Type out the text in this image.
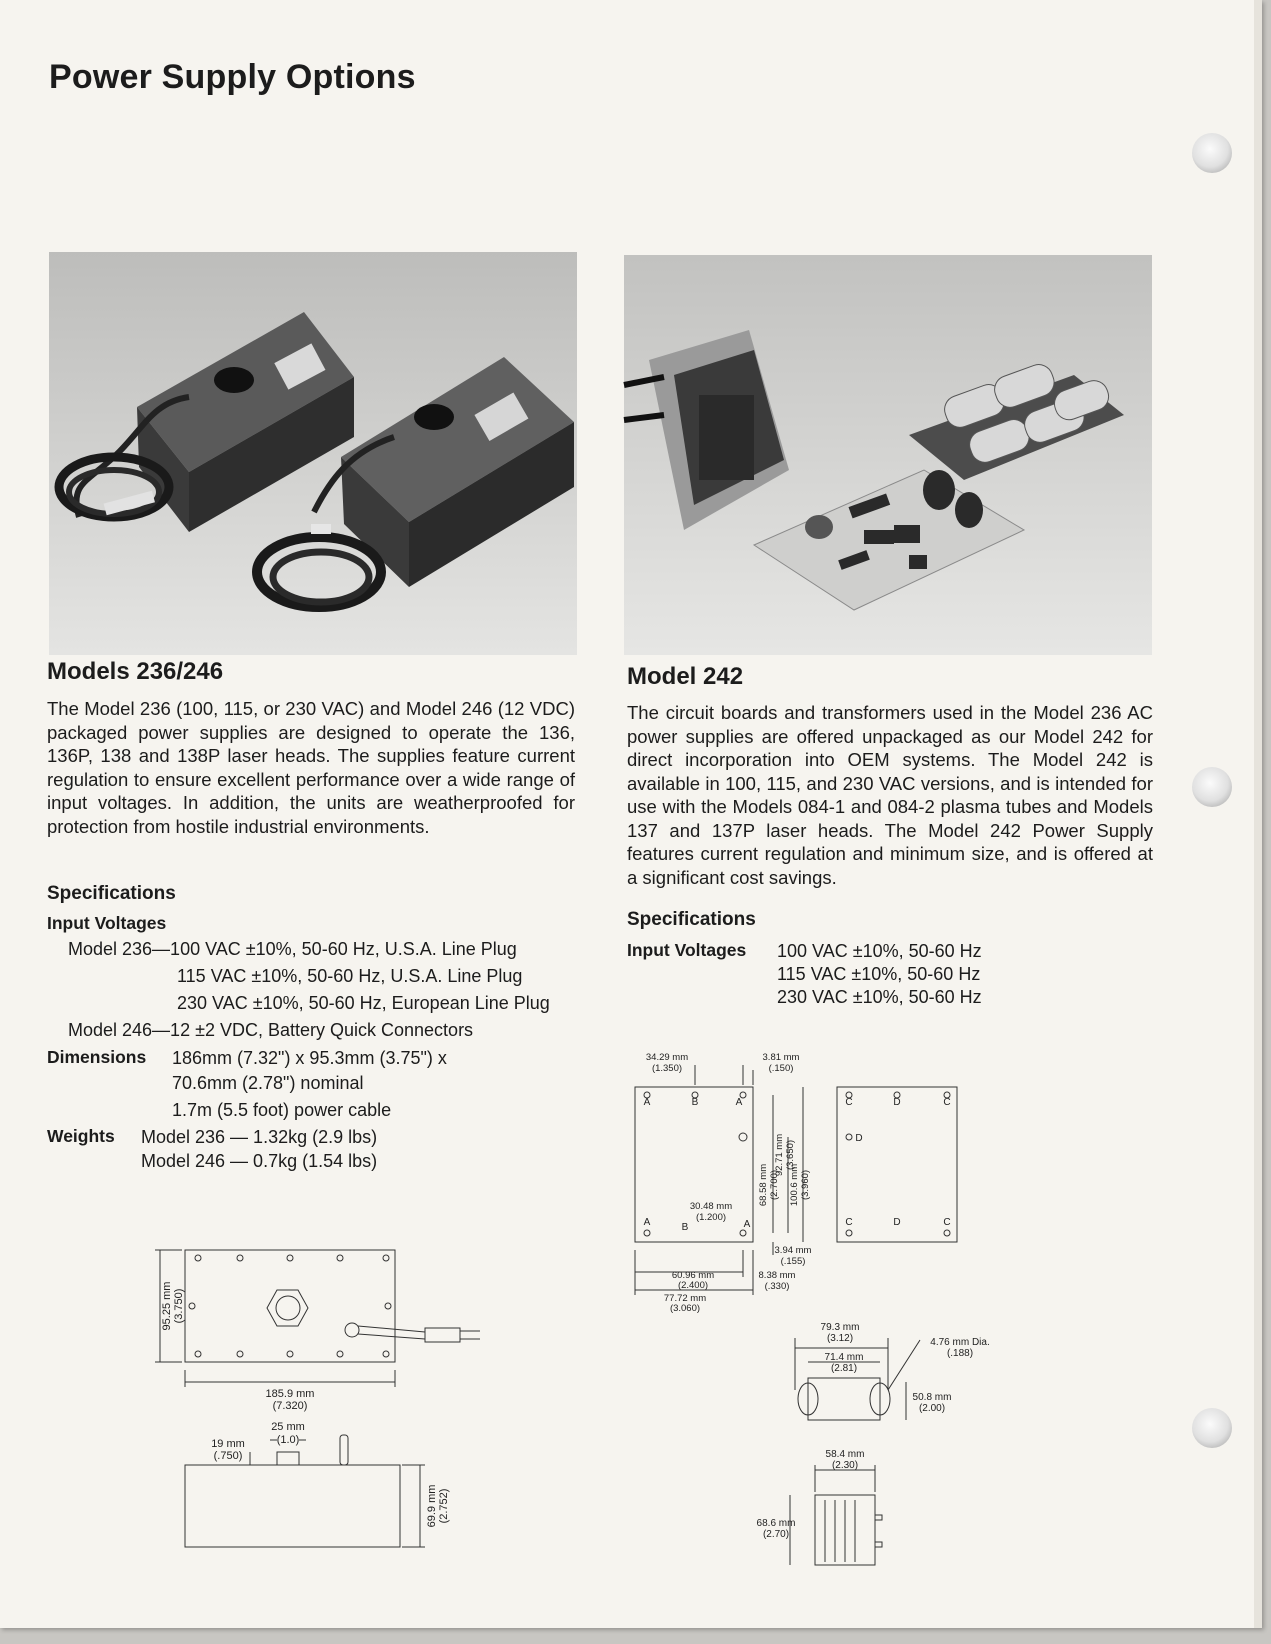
Power Supply Options
Models 236/246

The Model 236 (100, 115, or 230 VAC) and Model 246 (12 VDC) packaged power supplies are designed to operate the 136, 136P, 138 and 138P laser heads. The supplies feature current regulation to ensure excellent performance over a wide range of input voltages. In addition, the units are weatherproofed for protection from hostile industrial environments.

Specifications
Input Voltages
Model 236—100 VAC ±10%, 50-60 Hz, U.S.A. Line Plug
115 VAC ±10%, 50-60 Hz, U.S.A. Line Plug
230 VAC ±10%, 50-60 Hz, European Line Plug
Model 246—12 ±2 VDC, Battery Quick Connectors
Dimensions 186mm (7.32") x 95.3mm (3.75") x
70.6mm (2.78") nominal
1.7m (5.5 foot) power cable
Weights Model 236 — 1.32kg (2.9 lbs)
Model 246 — 0.7kg (1.54 lbs)
Model 242

The circuit boards and transformers used in the Model 236 AC power supplies are offered unpackaged as our Model 242 for direct incorporation into OEM systems. The Model 242 is available in 100, 115, and 230 VAC versions, and is intended for use with the Models 084-1 and 084-2 plasma tubes and Models 137 and 137P laser heads. The Model 242 Power Supply features current regulation and minimum size, and is offered at a significant cost savings.

Specifications
Input Voltages 100 VAC ±10%, 50-60 Hz
115 VAC ±10%, 50-60 Hz
230 VAC ±10%, 50-60 Hz
95.25 mm (3.750)
185.9 mm
(7.320)
25 mm
(1.0)
19 mm
(.750)
69.9 mm (2.752)
A	B	A
A	B	A
C	D	C
D
C	D	C
34.29 mm
(1.350)
3.81 mm
(.150)
92.71 mm (3.650)
68.58 mm (2.700) 100.6 mm (3.960)
30.48 mm
(1.200)
3.94 mm
(.155)
60.96 mm
(2.400)
8.38 mm
(.330)
77.72 mm
(3.060)
79.3 mm
(3.12)
71.4 mm
(2.81)
4.76 mm Dia.
(.188)
50.8 mm
(2.00)
58.4 mm
(2.30)
68.6 mm
(2.70)
